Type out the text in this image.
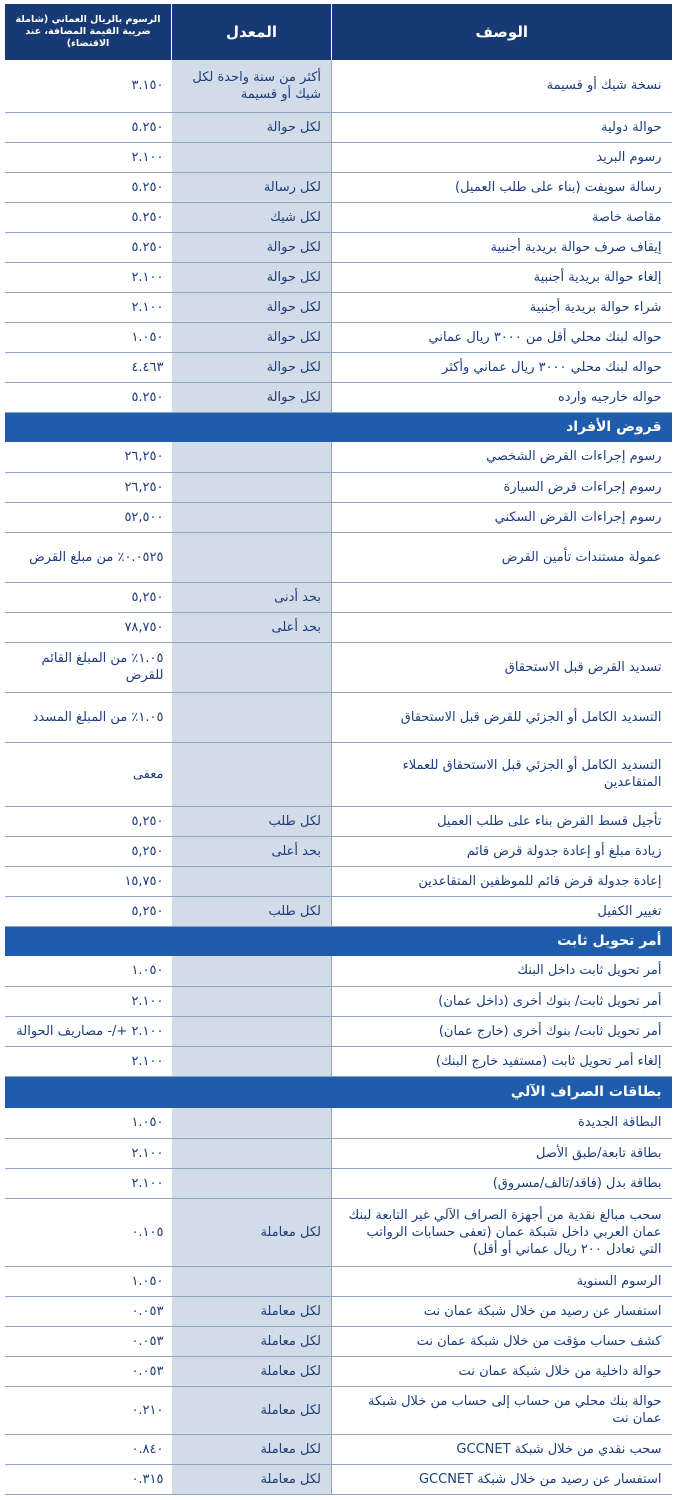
الوصف	المعدل	الرسوم بالريال العماني (شاملة ضريبة القيمة المضافة، عند الاقتضاء)
نسخة شيك أو قسيمة	أكثر من سنة واحدة لكل شيك أو قسيمة	٣.١٥٠
حوالة دولية	لكل حوالة	٥.٢٥٠
رسوم البريد		٢.١٠٠
رسالة سويفت (بناء على طلب العميل)	لكل رسالة	٥.٢٥٠
مقاصة خاصة	لكل شيك	٥.٢٥٠
إيقاف صرف حوالة بريدية أجنبية	لكل حوالة	٥.٢٥٠
إلغاء حوالة بريدية أجنبية	لكل حوالة	٢.١٠٠
شراء حوالة بريدية أجنبية	لكل حوالة	٢.١٠٠
حواله لبنك محلي أقل من ٣٠٠٠ ريال عماني	لكل حوالة	١.٠٥٠
حواله لبنك محلي ٣٠٠٠ ريال عماني وأكثر	لكل حوالة	٤.٤٦٣
حواله خارجيه وارده	لكل حوالة	٥.٢٥٠
قروض الأفراد		
رسوم إجراءات القرض الشخصي		٢٦,٢٥٠
رسوم إجراءات قرض السيارة		٢٦,٢٥٠
رسوم إجراءات القرض السكني		٥٢,٥٠٠
عمولة مستندات تأمين القرض		٠.٠٥٢٥٪ من مبلغ القرض
	بحد أدنى	٥,٢٥٠
	بحد أعلى	٧٨,٧٥٠
تسديد القرض قبل الاستحقاق		١.٠٥٪ من المبلغ القائم للقرض
التسديد الكامل أو الجزئي للقرض قبل الاستحقاق		١.٠٥٪ من المبلغ المسدد
التسديد الكامل أو الجزئي قبل الاستحقاق للعملاء المتقاعدين		معفى
تأجيل قسط القرض بناء على طلب العميل	لكل طلب	٥,٢٥٠
زيادة مبلغ أو إعادة جدولة قرض قائم	بحد أعلى	٥,٢٥٠
إعادة جدولة قرض قائم للموظفين المتقاعدين		١٥,٧٥٠
تغيير الكفيل	لكل طلب	٥,٢٥٠
أمر تحويل ثابت		
أمر تحويل ثابت داخل البنك		١.٠٥٠
أمر تحويل ثابت/ بنوك أخرى (داخل عمان)		٢.١٠٠
أمر تحويل ثابت/ بنوك أخرى (خارج عمان)		٢.١٠٠ +/- مصاريف الحوالة
إلغاء أمر تحويل ثابت (مستفيد خارج البنك)		٢.١٠٠
بطاقات الصراف الآلي		
البطاقة الجديدة		١.٠٥٠
بطاقة تابعة/طبق الأصل		٢.١٠٠
بطاقة بدل (فاقد/تالف/مسروق)		٢.١٠٠
سحب مبالغ نقدية من أجهزة الصراف الآلي غير التابعة لبنك عمان العربي داخل شبكة عمان (تعفى حسابات الرواتب التي تعادل ٢٠٠ ريال عماني أو أقل)	لكل معاملة	٠.١٠٥
الرسوم السنوية		١.٠٥٠
استفسار عن رصيد من خلال شبكة عمان نت	لكل معاملة	٠.٠٥٣
كشف حساب مؤقت من خلال شبكة عمان نت	لكل معاملة	٠.٠٥٣
حوالة داخلية من خلال شبكة عمان نت	لكل معاملة	٠.٠٥٣
حوالة بنك محلي من حساب إلى حساب من خلال شبكة عمان نت	لكل معاملة	٠.٢١٠
سحب نقدي من خلال شبكة GCCNET	لكل معاملة	٠.٨٤٠
استفسار عن رصيد من خلال شبكة GCCNET	لكل معاملة	٠.٣١٥
